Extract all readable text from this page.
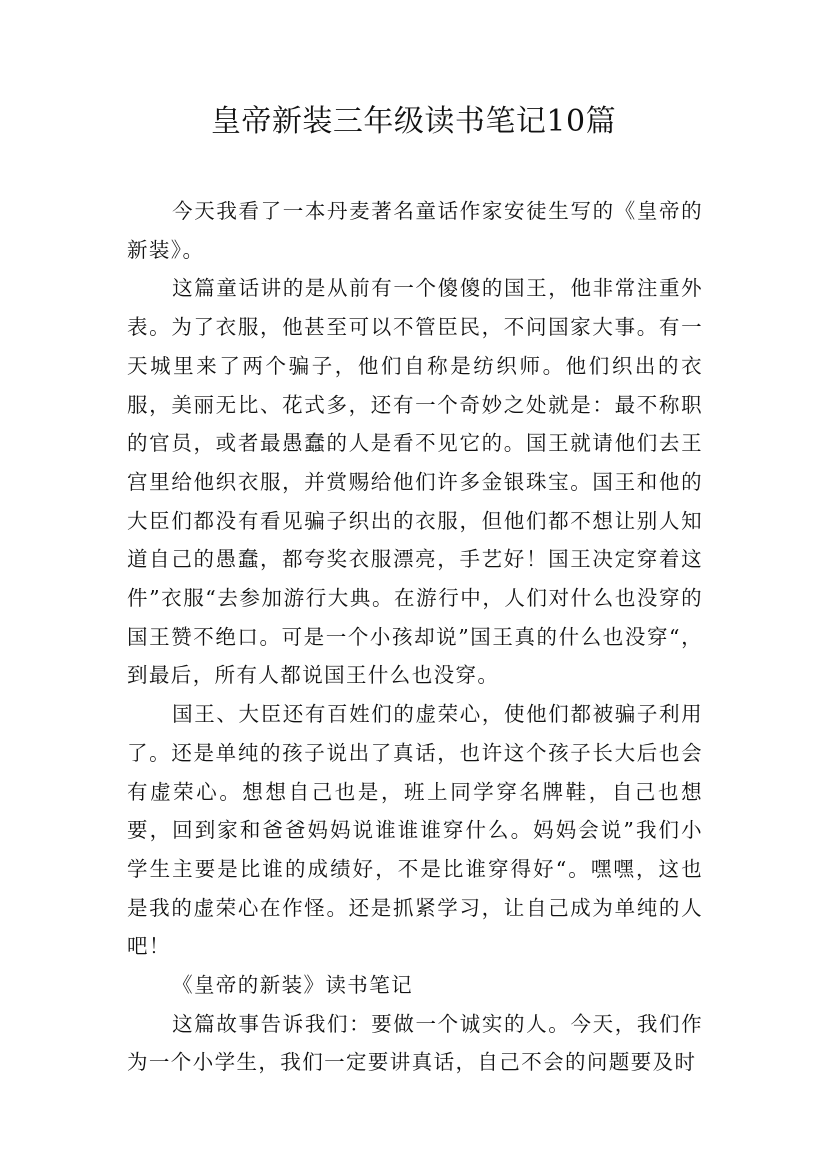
皇帝新装三年级读书笔记10篇

今天我看了一本丹麦著名童话作家安徒生写的《皇帝的新装》。

这篇童话讲的是从前有一个傻傻的国王，他非常注重外表。为了衣服，他甚至可以不管臣民，不问国家大事。有一天城里来了两个骗子，他们自称是纺织师。他们织出的衣服，美丽无比、花式多，还有一个奇妙之处就是：最不称职的官员，或者最愚蠢的人是看不见它的。国王就请他们去王宫里给他织衣服，并赏赐给他们许多金银珠宝。国王和他的大臣们都没有看见骗子织出的衣服，但他们都不想让别人知道自己的愚蠢，都夸奖衣服漂亮，手艺好！国王决定穿着这件”衣服“去参加游行大典。在游行中，人们对什么也没穿的国王赞不绝口。可是一个小孩却说”国王真的什么也没穿“，到最后，所有人都说国王什么也没穿。

国王、大臣还有百姓们的虚荣心，使他们都被骗子利用了。还是单纯的孩子说出了真话，也许这个孩子长大后也会有虚荣心。想想自己也是，班上同学穿名牌鞋，自己也想要，回到家和爸爸妈妈说谁谁谁穿什么。妈妈会说”我们小学生主要是比谁的成绩好，不是比谁穿得好“。嘿嘿，这也是我的虚荣心在作怪。还是抓紧学习，让自己成为单纯的人吧！

《皇帝的新装》读书笔记

这篇故事告诉我们：要做一个诚实的人。今天，我们作为一个小学生，我们一定要讲真话，自己不会的问题要及时
